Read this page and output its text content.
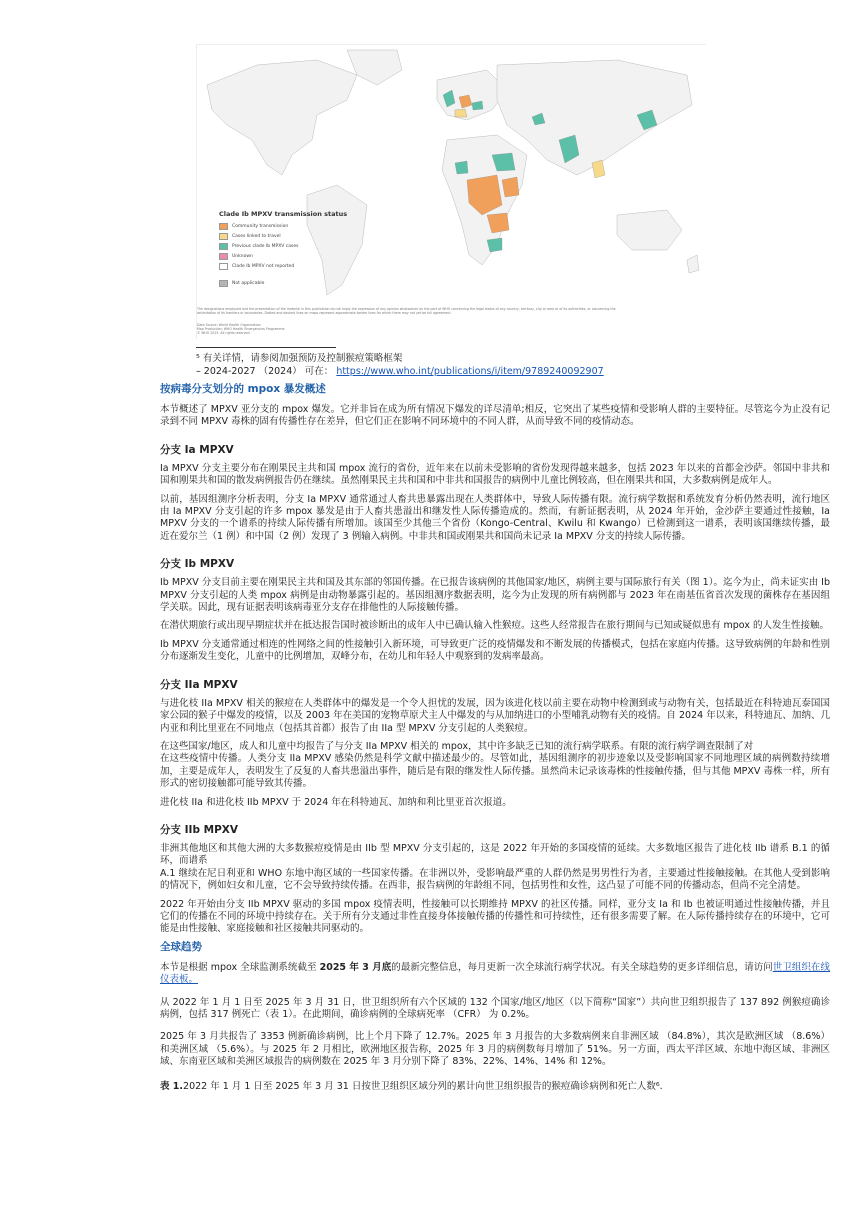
Clade Ib MPXV transmission status
Community transmission
Cases linked to travel
Previous clade Ib MPXV cases
Unknown
Clade Ib MPXV not reported
Not applicable
The designations employed and the presentation of the material in this publication do not imply the expression of any opinion whatsoever on the part of WHO concerning the legal status of any country, territory, city or area or of its authorities, or concerning the delimitation of its frontiers or boundaries. Dotted and dashed lines on maps represent approximate border lines for which there may not yet be full agreement.
Data Source: World Health Organization
Map Production: WHO Health Emergencies Programme
© WHO 2025. All rights reserved.
⁵ 有关详情，请参阅加强预防及控制猴痘策略框架
– 2024-2027 （2024） 可在： https://www.who.int/publications/i/item/9789240092907
按病毒分支划分的 mpox 暴发概述
本节概述了 MPXV 亚分支的 mpox 爆发。它并非旨在成为所有情况下爆发的详尽清单;相反，它突出了某些疫情和受影响人群的主要特征。尽管迄今为止没有记录到不同 MPXV 毒株的固有传播性存在差异，但它们正在影响不同环境中的不同人群，从而导致不同的疫情动态。
分支 Ia MPXV
Ia MPXV 分支主要分布在刚果民主共和国 mpox 流行的省份，近年来在以前未受影响的省份发现得越来越多，包括 2023 年以来的首都金沙萨。邻国中非共和国和刚果共和国的散发病例报告仍在继续。虽然刚果民主共和国和中非共和国报告的病例中儿童比例较高，但在刚果共和国，大多数病例是成年人。
以前，基因组测序分析表明，分支 Ia MPXV 通常通过人畜共患暴露出现在人类群体中，导致人际传播有限。流行病学数据和系统发育分析仍然表明，流行地区由 Ia MPXV 分支引起的许多 mpox 暴发是由于人畜共患溢出和继发性人际传播造成的。然而，有新证据表明，从 2024 年开始，金沙萨主要通过性接触，Ia MPXV 分支的一个谱系的持续人际传播有所增加。该国至少其他三个省份（Kongo-Central、Kwilu 和 Kwango）已检测到这一谱系，表明该国继续传播，最近在爱尔兰（1 例）和中国（2 例）发现了 3 例输入病例。中非共和国或刚果共和国尚未记录 Ia MPXV 分支的持续人际传播。
分支 Ib MPXV
Ib MPXV 分支目前主要在刚果民主共和国及其东部的邻国传播。在已报告该病例的其他国家/地区，病例主要与国际旅行有关（图 1）。迄今为止，尚未证实由 Ib MPXV 分支引起的人类 mpox 病例是由动物暴露引起的。基因组测序数据表明，迄今为止发现的所有病例都与 2023 年在南基伍省首次发现的菌株存在基因组学关联。因此，现有证据表明该病毒亚分支存在排他性的人际接触传播。
在潜伏期旅行或出现早期症状并在抵达报告国时被诊断出的成年人中已确认输入性猴痘。这些人经常报告在旅行期间与已知或疑似患有 mpox 的人发生性接触。
Ib MPXV 分支通常通过相连的性网络之间的性接触引入新环境，可导致更广泛的疫情爆发和不断发展的传播模式，包括在家庭内传播。这导致病例的年龄和性别分布逐渐发生变化，儿童中的比例增加，双峰分布，在幼儿和年轻人中观察到的发病率最高。
分支 IIa MPXV
与进化枝 IIa MPXV 相关的猴痘在人类群体中的爆发是一个令人担忧的发展，因为该进化枝以前主要在动物中检测到或与动物有关，包括最近在科特迪瓦泰国国家公园的猴子中爆发的疫情，以及 2003 年在美国的宠物草原犬主人中爆发的与从加纳进口的小型哺乳动物有关的疫情。自 2024 年以来，科特迪瓦、加纳、几内亚和利比里亚在不同地点（包括其首都）报告了由 IIa 型 MPXV 分支引起的人类猴痘。
在这些国家/地区，成人和儿童中均报告了与分支 IIa MPXV 相关的 mpox，其中许多缺乏已知的流行病学联系。有限的流行病学调查限制了对
在这些疫情中传播。人类分支 IIa MPXV 感染仍然是科学文献中描述最少的。尽管如此，基因组测序的初步迹象以及受影响国家不同地理区域的病例数持续增加，主要是成年人，表明发生了反复的人畜共患溢出事件，随后是有限的继发性人际传播。虽然尚未记录该毒株的性接触传播，但与其他 MPXV 毒株一样，所有形式的密切接触都可能导致其传播。
进化枝 IIa 和进化枝 IIb MPXV 于 2024 年在科特迪瓦、加纳和利比里亚首次报道。
分支 IIb MPXV
非洲其他地区和其他大洲的大多数猴痘疫情是由 IIb 型 MPXV 分支引起的，这是 2022 年开始的多国疫情的延续。大多数地区报告了进化枝 IIb 谱系 B.1 的循环，而谱系
A.1 继续在尼日利亚和 WHO 东地中海区域的一些国家传播。在非洲以外，受影响最严重的人群仍然是男男性行为者，主要通过性接触接触。在其他人受到影响的情况下，例如妇女和儿童，它不会导致持续传播。在西非，报告病例的年龄组不同，包括男性和女性，这凸显了可能不同的传播动态，但尚不完全清楚。
2022 年开始由分支 IIb MPXV 驱动的多国 mpox 疫情表明，性接触可以长期维持 MPXV 的社区传播。同样，亚分支 Ia 和 Ib 也被证明通过性接触传播，并且它们的传播在不同的环境中持续存在。关于所有分支通过非性直接身体接触传播的传播性和可持续性，还有很多需要了解。在人际传播持续存在的环境中，它可能是由性接触、家庭接触和社区接触共同驱动的。
全球趋势
本节是根据 mpox 全球监测系统截至 2025 年 3 月底的最新完整信息，每月更新一次全球流行病学状况。有关全球趋势的更多详细信息，请访问世卫组织在线仪表板。
从 2022 年 1 月 1 日至 2025 年 3 月 31 日，世卫组织所有六个区域的 132 个国家/地区/地区（以下简称“国家”）共向世卫组织报告了 137 892 例猴痘确诊病例，包括 317 例死亡（表 1）。在此期间，确诊病例的全球病死率 （CFR） 为 0.2%。
2025 年 3 月共报告了 3353 例新确诊病例，比上个月下降了 12.7%。2025 年 3 月报告的大多数病例来自非洲区域 （84.8%），其次是欧洲区域 （8.6%） 和美洲区域 （5.6%）。与 2025 年 2 月相比，欧洲地区报告称，2025 年 3 月的病例数每月增加了 51%。另一方面，西太平洋区域、东地中海区域、非洲区域、东南亚区域和美洲区域报告的病例数在 2025 年 3 月分别下降了 83%、22%、14%、14% 和 12%。
表 1.2022 年 1 月 1 日至 2025 年 3 月 31 日按世卫组织区域分列的累计向世卫组织报告的猴痘确诊病例和死亡人数⁶.
